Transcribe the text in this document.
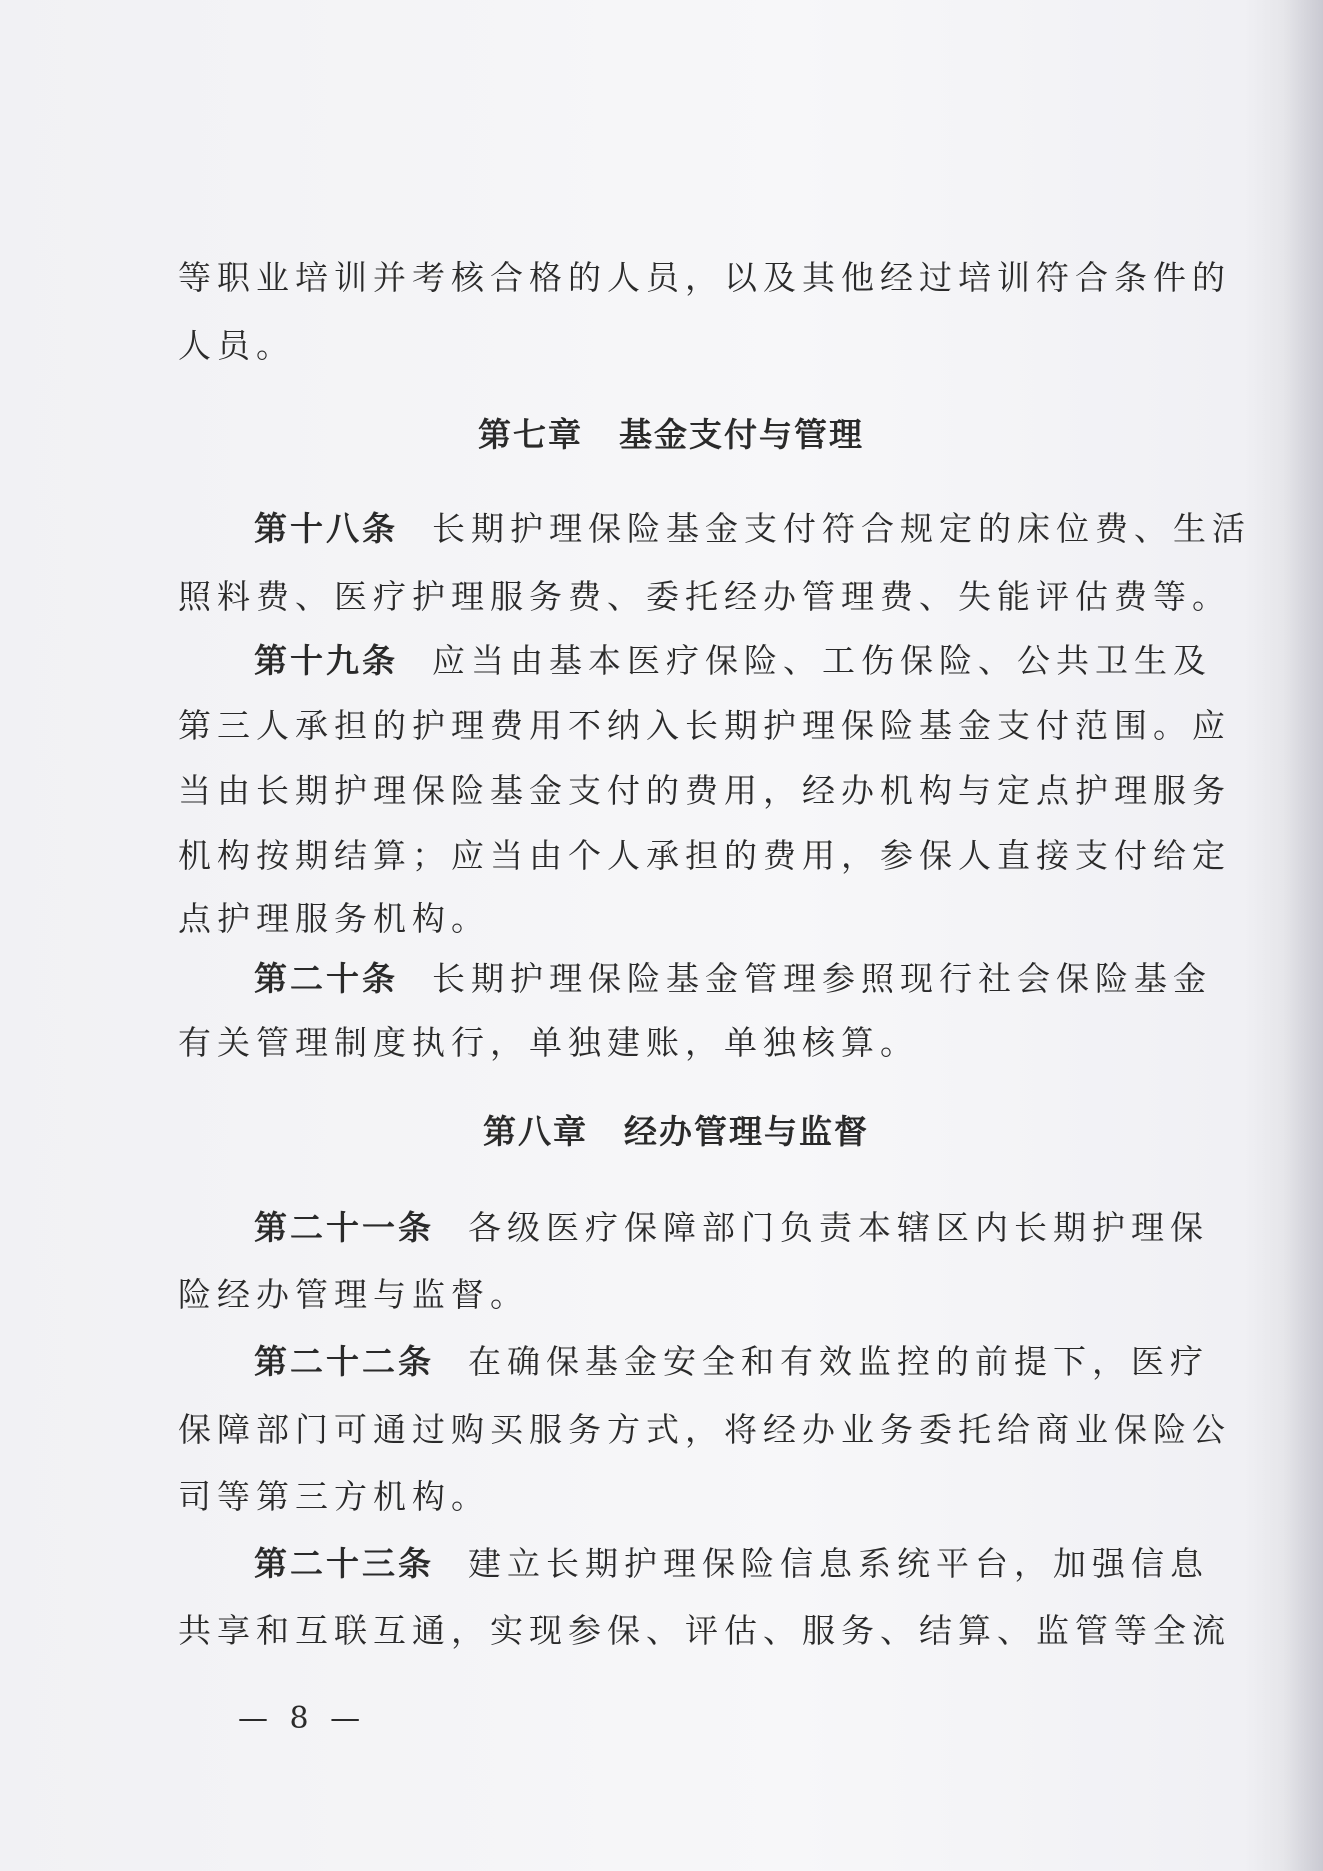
等职业培训并考核合格的人员，以及其他经过培训符合条件的
人员。
第七章 基金支付与管理
第十八条 长期护理保险基金支付符合规定的床位费、生活
照料费、医疗护理服务费、委托经办管理费、失能评估费等。
第十九条 应当由基本医疗保险、工伤保险、公共卫生及
第三人承担的护理费用不纳入长期护理保险基金支付范围。应
当由长期护理保险基金支付的费用，经办机构与定点护理服务
机构按期结算；应当由个人承担的费用，参保人直接支付给定
点护理服务机构。
第二十条 长期护理保险基金管理参照现行社会保险基金
有关管理制度执行，单独建账，单独核算。
第八章 经办管理与监督
第二十一条 各级医疗保障部门负责本辖区内长期护理保
险经办管理与监督。
第二十二条 在确保基金安全和有效监控的前提下，医疗
保障部门可通过购买服务方式，将经办业务委托给商业保险公
司等第三方机构。
第二十三条 建立长期护理保险信息系统平台，加强信息
共享和互联互通，实现参保、评估、服务、结算、监管等全流
— 8 —
